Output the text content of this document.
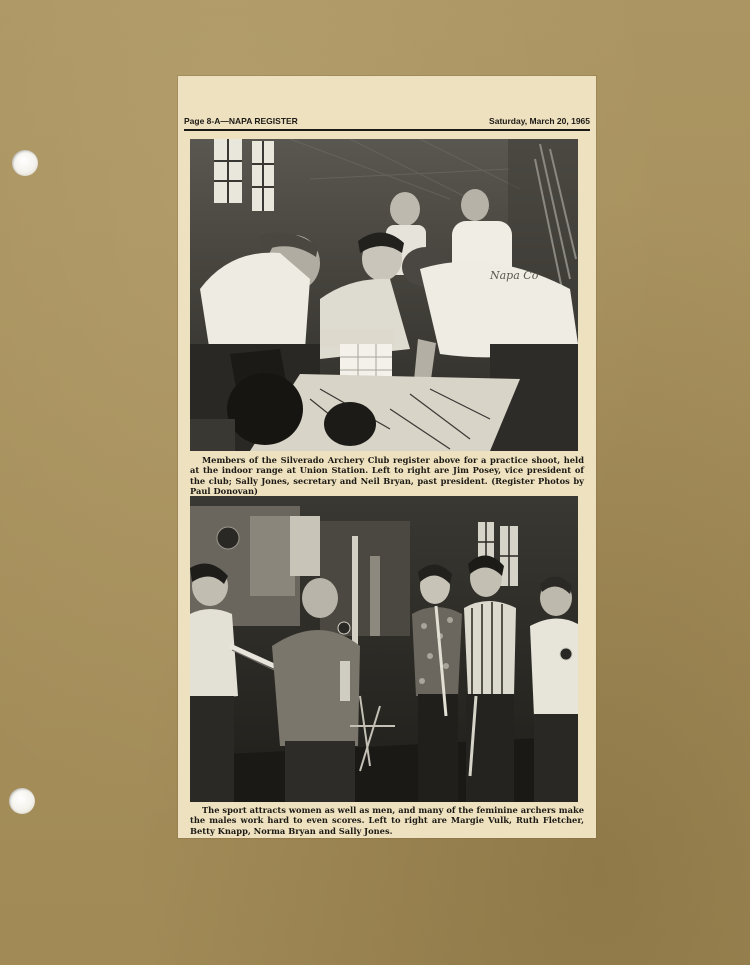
Page 8-A—NAPA REGISTER	Saturday, March 20, 1965
Napa Co
Members of the Silverado Archery Club register above for a practice shoot, held at the indoor range at Union Station. Left to right are Jim Posey, vice president of the club; Sally Jones, secretary and Neil Bryan, past president. (Register Photos by Paul Donovan)
The sport attracts women as well as men, and many of the feminine archers make the males work hard to even scores. Left to right are Margie Vulk, Ruth Fletcher, Betty Knapp, Norma Bryan and Sally Jones.
